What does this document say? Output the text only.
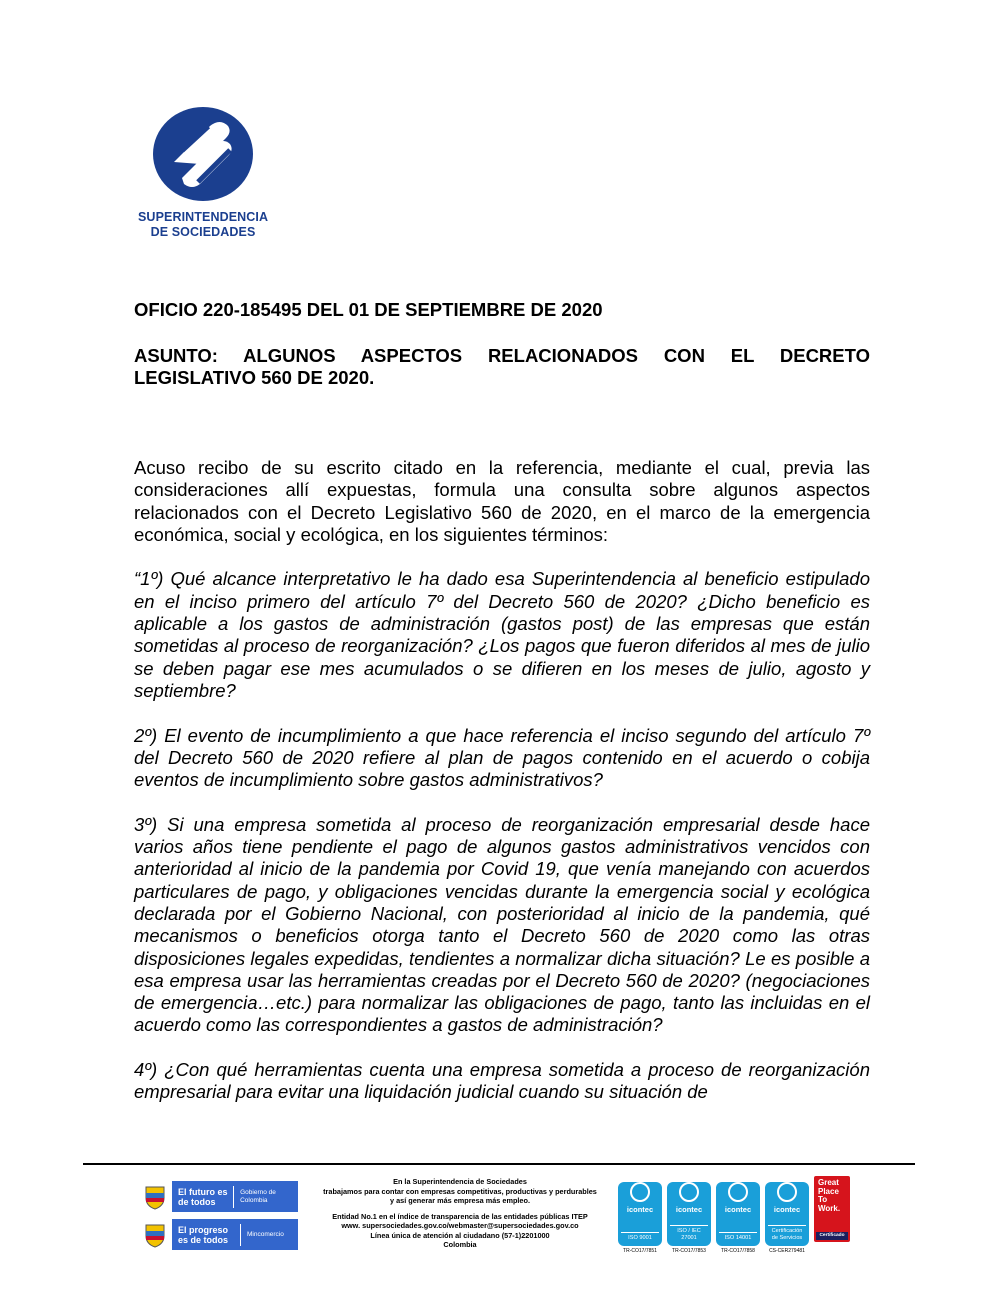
SUPERINTENDENCIA
DE SOCIEDADES

OFICIO 220-185495 DEL 01 DE SEPTIEMBRE DE 2020

ASUNTO: ALGUNOS ASPECTOS RELACIONADOS CON EL DECRETO LEGISLATIVO 560 DE 2020.

Acuso recibo de su escrito citado en la referencia, mediante el cual, previa las consideraciones allí expuestas, formula una consulta sobre algunos aspectos relacionados con el Decreto Legislativo 560 de 2020, en el marco de la emergencia económica, social y ecológica, en los siguientes términos:

“1º) Qué alcance interpretativo le ha dado esa Superintendencia al beneficio estipulado en el inciso primero del artículo 7º del Decreto 560 de 2020? ¿Dicho beneficio es aplicable a los gastos de administración (gastos post) de las empresas que están sometidas al proceso de reorganización? ¿Los pagos que fueron diferidos al mes de julio se deben pagar ese mes acumulados o se difieren en los meses de julio, agosto y septiembre?

2º) El evento de incumplimiento a que hace referencia el inciso segundo del artículo 7º del Decreto 560 de 2020 refiere al plan de pagos contenido en el acuerdo o cobija eventos de incumplimiento sobre gastos administrativos?

3º) Si una empresa sometida al proceso de reorganización empresarial desde hace varios años tiene pendiente el pago de algunos gastos administrativos vencidos con anterioridad al inicio de la pandemia por Covid 19, que venía manejando con acuerdos particulares de pago, y obligaciones vencidas durante la emergencia social y ecológica declarada por el Gobierno Nacional, con posterioridad al inicio de la pandemia, qué mecanismos o beneficios otorga tanto el Decreto 560 de 2020 como las otras disposiciones legales expedidas, tendientes a normalizar dicha situación? Le es posible a esa empresa usar las herramientas creadas por el Decreto 560 de 2020? (negociaciones de emergencia…etc.) para normalizar las obligaciones de pago, tanto las incluidas en el acuerdo como las correspondientes a gastos de administración?

4º) ¿Con qué herramientas cuenta una empresa sometida a proceso de reorganización empresarial para evitar una liquidación judicial cuando su situación de

El futuro es de todos
Gobierno de Colombia
El progreso es de todos
Mincomercio
En la Superintendencia de Sociedades
trabajamos para contar con empresas competitivas, productivas y perdurables
y así generar más empresa más empleo.
Entidad No.1 en el índice de transparencia de las entidades públicas ITEP
www. supersociedades.gov.co/webmaster@supersociedades.gov.co
Línea única de atención al ciudadano (57-1)2201000
Colombia
icontec
ISO 9001
TR-CO17/7851
icontec
ISO / IEC 27001
TR-CO17/7853
icontec
ISO 14001
TR-CO17/7858
icontec
Certificación de Servicios
CS-CER279481
Great
Place
To
Work.
Certificado
